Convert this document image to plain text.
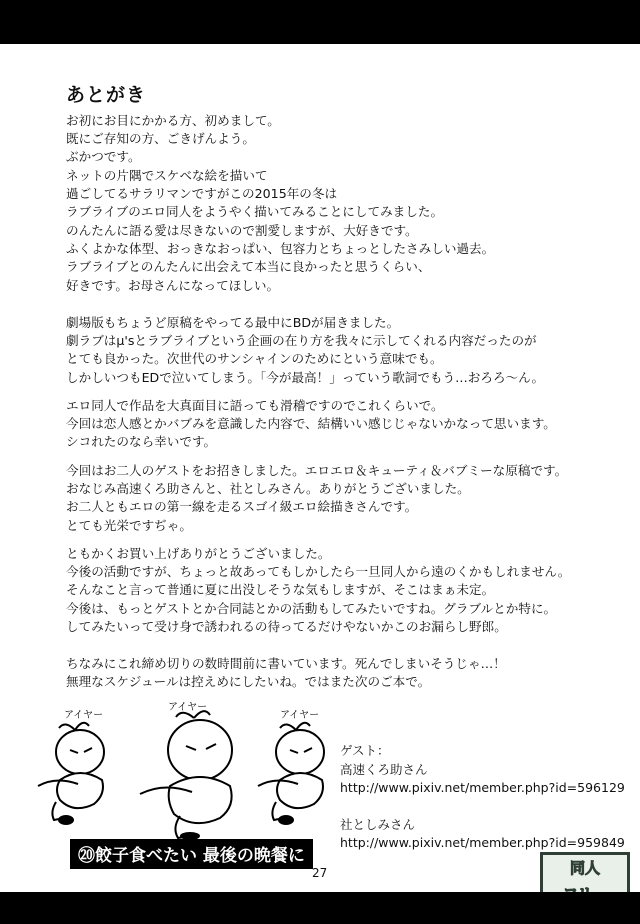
あとがき
お初にお目にかかる方、初めまして。
既にご存知の方、ごきげんよう。
ぶかつです。
ネットの片隅でスケベな絵を描いて
過ごしてるサラリマンですがこの2015年の冬は
ラブライブのエロ同人をようやく描いてみることにしてみました。
のんたんに語る愛は尽きないので割愛しますが、大好きです。
ふくよかな体型、おっきなおっぱい、包容力とちょっとしたさみしい過去。
ラブライブとのんたんに出会えて本当に良かったと思うくらい、
好きです。お母さんになってほしい。
劇場版もちょうど原稿をやってる最中にBDが届きました。
劇ラブはμ'sとラブライブという企画の在り方を我々に示してくれる内容だったのが
とても良かった。次世代のサンシャインのためにという意味でも。
しかしいつもEDで泣いてしまう。「今が最高！」っていう歌詞でもう…おろろ～ん。
エロ同人で作品を大真面目に語っても滑稽ですのでこれくらいで。
今回は恋人感とかバブみを意識した内容で、結構いい感じじゃないかなって思います。
シコれたのなら幸いです。
今回はお二人のゲストをお招きしました。エロエロ＆キューティ＆バブミーな原稿です。
おなじみ高速くろ助さんと、社としみさん。ありがとうございました。
お二人ともエロの第一線を走るスゴイ級エロ絵描きさんです。
とても光栄ですぢゃ。
ともかくお買い上げありがとうございました。
今後の活動ですが、ちょっと故あってもしかしたら一旦同人から遠のくかもしれません。
そんなこと言って普通に夏に出没しそうな気もしますが、そこはまぁ未定。
今後は、もっとゲストとか合同誌とかの活動もしてみたいですね。グラブルとか特に。
してみたいって受け身で誘われるの待ってるだけやないかこのお漏らし野郎。
ちなみにこれ締め切りの数時間前に書いています。死んでしまいそうじゃ…！
無理なスケジュールは控えめにしたいね。ではまた次のご本で。
アイヤー
アイヤー
アイヤー
ゲスト：
高速くろ助さん
http://www.pixiv.net/member.php?id=596129
社としみさん
http://www.pixiv.net/member.php?id=959849
⑳餃子食べたい 最後の晩餐に
27	同人
